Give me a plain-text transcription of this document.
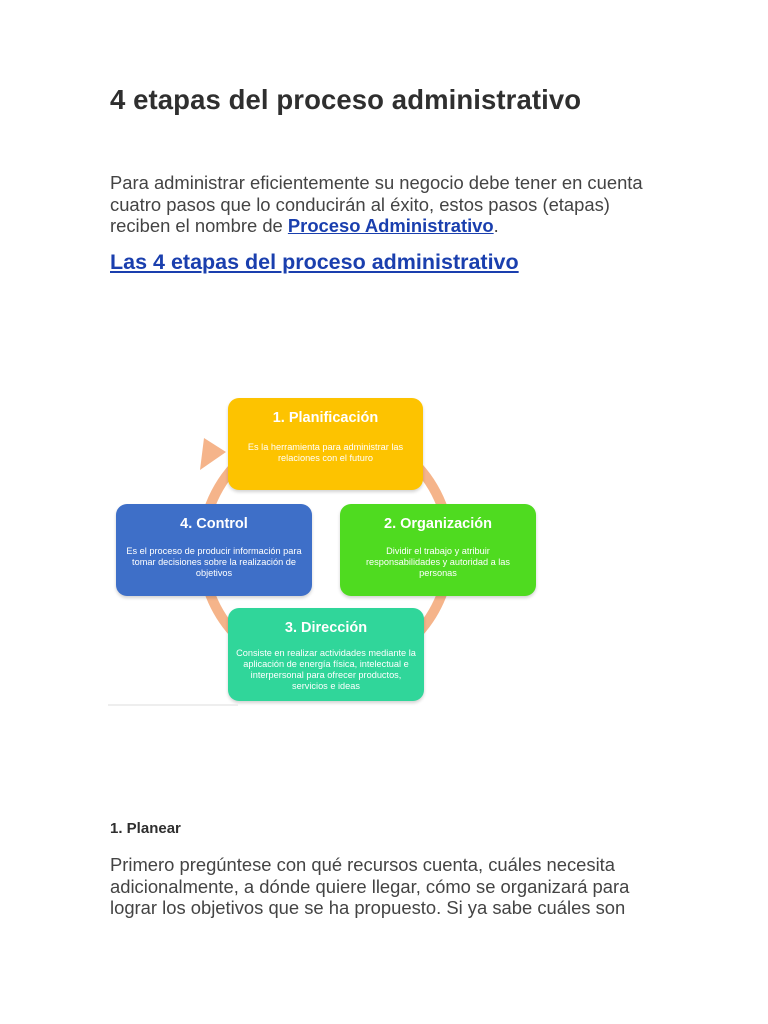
4 etapas del proceso administrativo

Para administrar eficientemente su negocio debe tener en cuenta cuatro pasos que lo conducirán al éxito, estos pasos (etapas) reciben el nombre de Proceso Administrativo.

Las 4 etapas del proceso administrativo
1. Planificación
Es la herramienta para administrar las relaciones con el futuro
2. Organización
Dividir el trabajo y atribuir responsabilidades y autoridad a las personas
3. Dirección
Consiste en realizar actividades mediante la aplicación de energía física, intelectual e interpersonal para ofrecer productos, servicios e ideas
4. Control
Es el proceso de producir información para tomar decisiones sobre la realización de objetivos
1. Planear

Primero pregúntese con qué recursos cuenta, cuáles necesita adicionalmente, a dónde quiere llegar, cómo se organizará para lograr los objetivos que se ha propuesto. Si ya sabe cuáles son
